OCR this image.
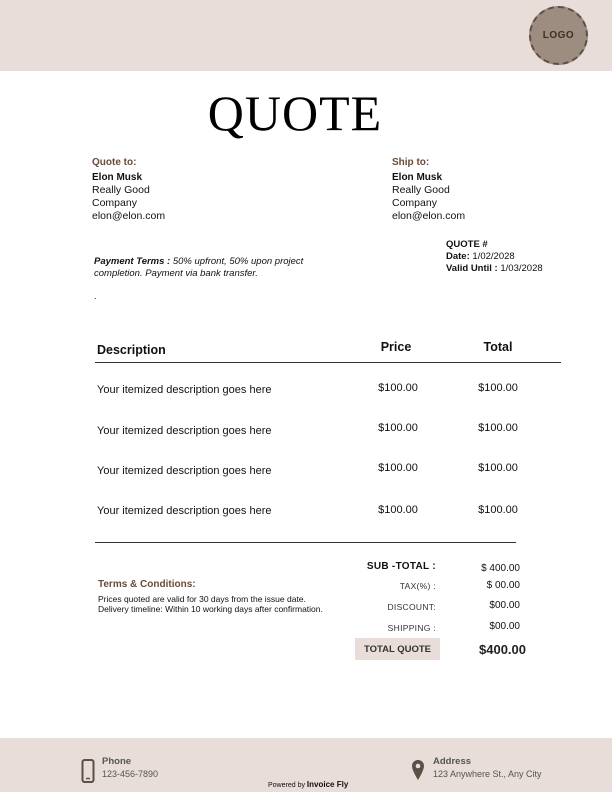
LOGO
QUOTE
Quote to:
Elon Musk
Really Good
Company
elon@elon.com
Ship to:
Elon Musk
Really Good
Company
elon@elon.com
Payment Terms : 50% upfront, 50% upon project completion. Payment via bank transfer.
.
QUOTE #
Date: 1/02/2028
Valid Until : 1/03/2028
Description	Price	Total
Your itemized description goes here	$100.00	$100.00
Your itemized description goes here	$100.00	$100.00
Your itemized description goes here	$100.00	$100.00
Your itemized description goes here	$100.00	$100.00
Terms & Conditions:
Prices quoted are valid for 30 days from the issue date.
Delivery timeline: Within 10 working days after confirmation.
SUB -TOTAL :	$ 400.00
TAX(%) :	$ 00.00
DISCOUNT:	$00.00
SHIPPING :	$00.00
TOTAL QUOTE	$400.00
Phone
123-456-7890
Address
123 Anywhere St., Any City
Powered by Invoice Fly
